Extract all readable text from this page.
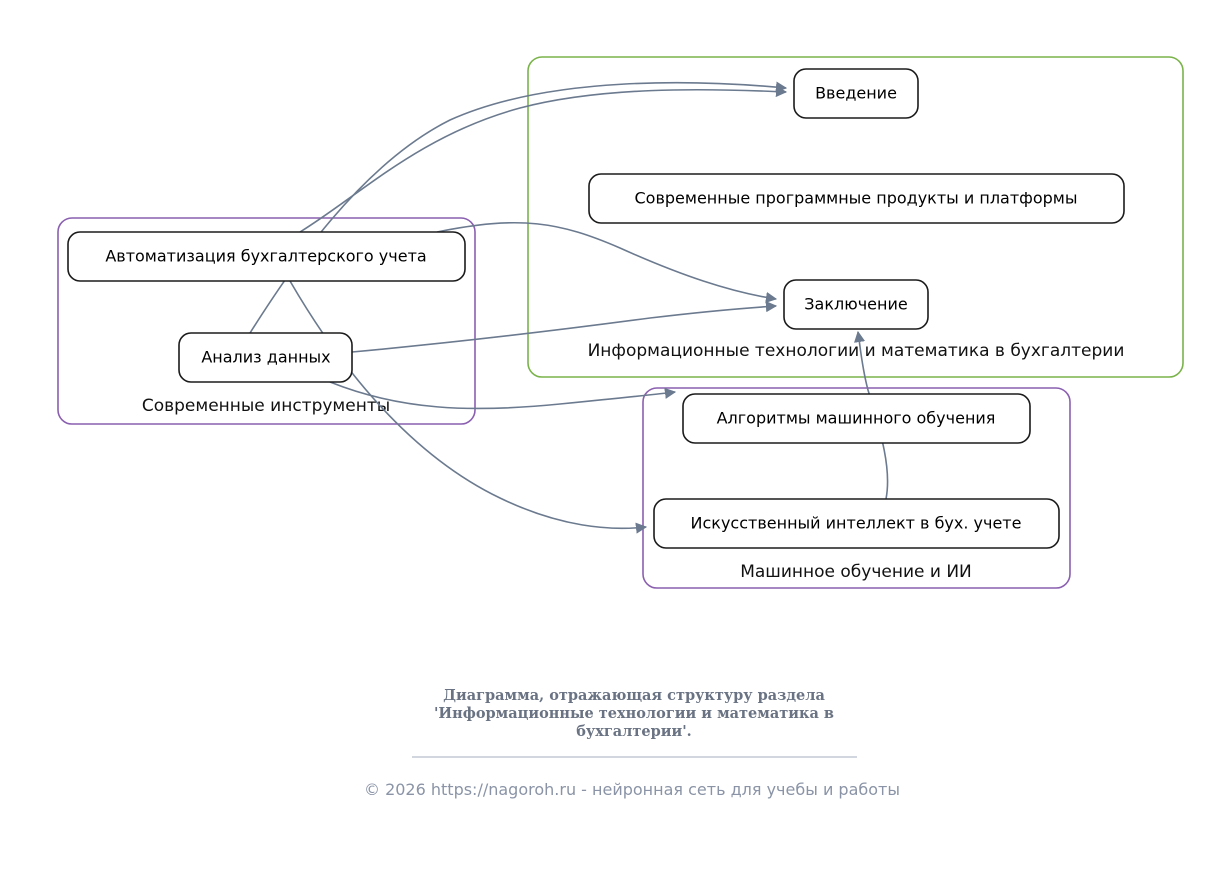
Информационные технологии и математика в бухгалтерии
Современные инструменты
Машинное обучение и ИИ
Введение
Современные программные продукты и платформы
Заключение
Автоматизация бухгалтерского учета
Анализ данных
Алгоритмы машинного обучения
Искусственный интеллект в бух. учете
Диаграмма, отражающая структуру раздела
'Информационные технологии и математика в
бухгалтерии'.
© 2026 https://nagoroh.ru - нейронная сеть для учебы и работы
